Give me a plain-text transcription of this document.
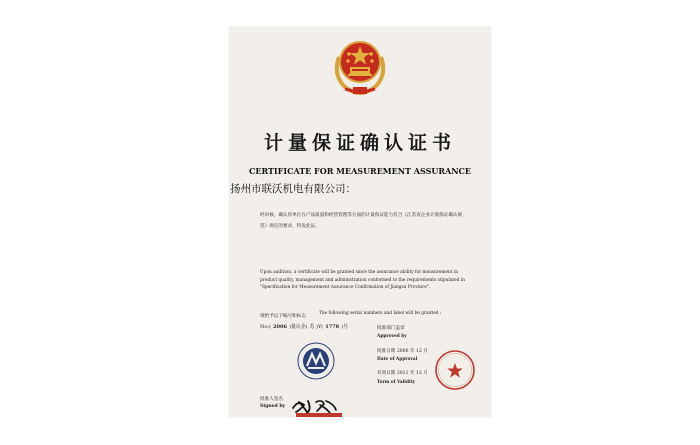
计量保证确认证书
CERTIFICATE FOR MEASUREMENT ASSURANCE
扬州市联沃机电有限公司：
经审核，确认你单位在产品质量和经营管理等方面的计量保证能力符合《江苏省企业计量保证确认规范》规定的要求，特发此证。
Upon audition, a certificate will be granted since the assurance ability for measurement in product quality, management and administration conformed to the requirements stipulated in "Specification for Measurement Assurance Confirmation of Jiangsu Province".
现给予以下编号和标志
The following serial numbers and label will be granted :
No:( 2006 )量认企( 苏 )Y( 1778 )号	批准部门盖章
Approved by
批准日期 2006 年 12 月
Date of Approval
有效日期 2011 年 12 月
Term of Validity
批准人签名
Signed by
